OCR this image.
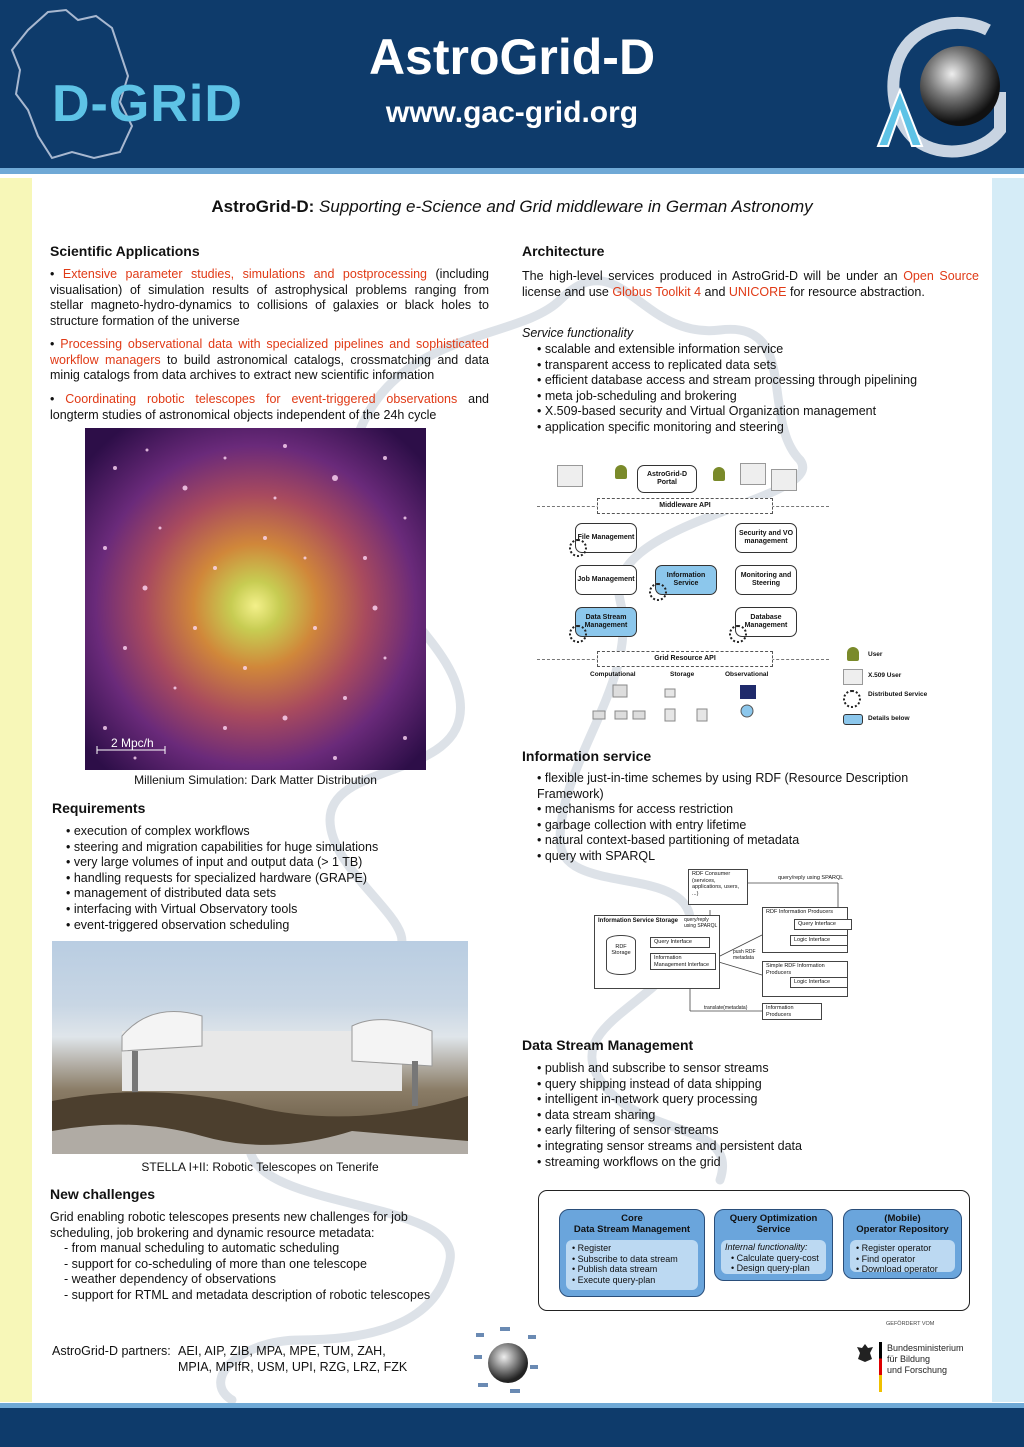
D-GRiD
AstroGrid-D
www.gac-grid.org
AstroGrid-D: Supporting e-Science and Grid middleware in German Astronomy
Scientific Applications
• Extensive parameter studies, simulations and postprocessing (including visualisation) of simulation results of astrophysical problems ranging from stellar magneto-hydro-dynamics to collisions of galaxies or black holes to structure formation of the universe
• Processing observational data with specialized pipelines and sophisticated workflow managers to build astronomical catalogs, crossmatching and data minig catalogs from data archives to extract new scientific information
• Coordinating robotic telescopes for event-triggered observations and longterm studies of astronomical objects independent of the 24h cycle
2 Mpc/h
Millenium Simulation: Dark Matter Distribution
Requirements
• execution of complex workflows
• steering and migration capabilities for huge simulations
• very large volumes of input and output data (> 1 TB)
• handling requests for specialized hardware (GRAPE)
• management of distributed data sets
• interfacing with Virtual Observatory tools
• event-triggered observation scheduling
STELLA I+II: Robotic Telescopes on Tenerife
New challenges
Grid enabling robotic telescopes presents new challenges for job scheduling, job brokering and dynamic resource metadata:
- from manual scheduling to automatic scheduling
- support for co-scheduling of more than one telescope
- weather dependency of observations
- support for RTML and metadata description of robotic telescopes
AstroGrid-D partners: AEI, AIP, ZIB, MPA, MPE, TUM, ZAH,
MPIA, MPIfR, USM, UPI, RZG, LRZ, FZK
Architecture
The high-level services produced in AstroGrid-D will be under an Open Source license and use Globus Toolkit 4 and UNICORE for resource abstraction.
Service functionality
• scalable and extensible information service
• transparent access to replicated data sets
• efficient database access and stream processing through pipelining
• meta job-scheduling and brokering
• X.509-based security and Virtual Organization management
• application specific monitoring and steering
AstroGrid-D Portal
Middleware API
File Management
Security and VO management
Job Management
Information Service
Monitoring and Steering
Data Stream Management
Database Management
Grid Resource API
Computational	Storage	Observational
User
X.509 User
Distributed Service
Details below
Information service
• flexible just-in-time schemes by using RDF (Resource Description Framework)
• mechanisms for access restriction
• garbage collection with entry lifetime
• natural context-based partitioning of metadata
• query with SPARQL
RDF Consumer (services, applications, users, ...)
query/reply using SPARQL
Information Service Storage
RDF Storage
Query Interface
Information Management Interface
query/reply using SPARQL
push RDF metadata
RDF Information Producers
Query Interface
Logic Interface
Simple RDF Information Producers
Logic Interface
translate(metadata)	Information Producers
Data Stream Management
• publish and subscribe to sensor streams
• query shipping instead of data shipping
• intelligent in-network query processing
• data stream sharing
• early filtering of sensor streams
• integrating sensor streams and persistent data
• streaming workflows on the grid
Core
Data Stream Management
• Register
• Subscribe to data stream
• Publish data stream
• Execute query-plan
Query Optimization
Service
Internal functionality:
• Calculate query-cost
• Design query-plan
(Mobile)
Operator Repository
• Register operator
• Find operator
• Download operator
GEFÖRDERT VOM
Bundesministerium
für Bildung
und Forschung
